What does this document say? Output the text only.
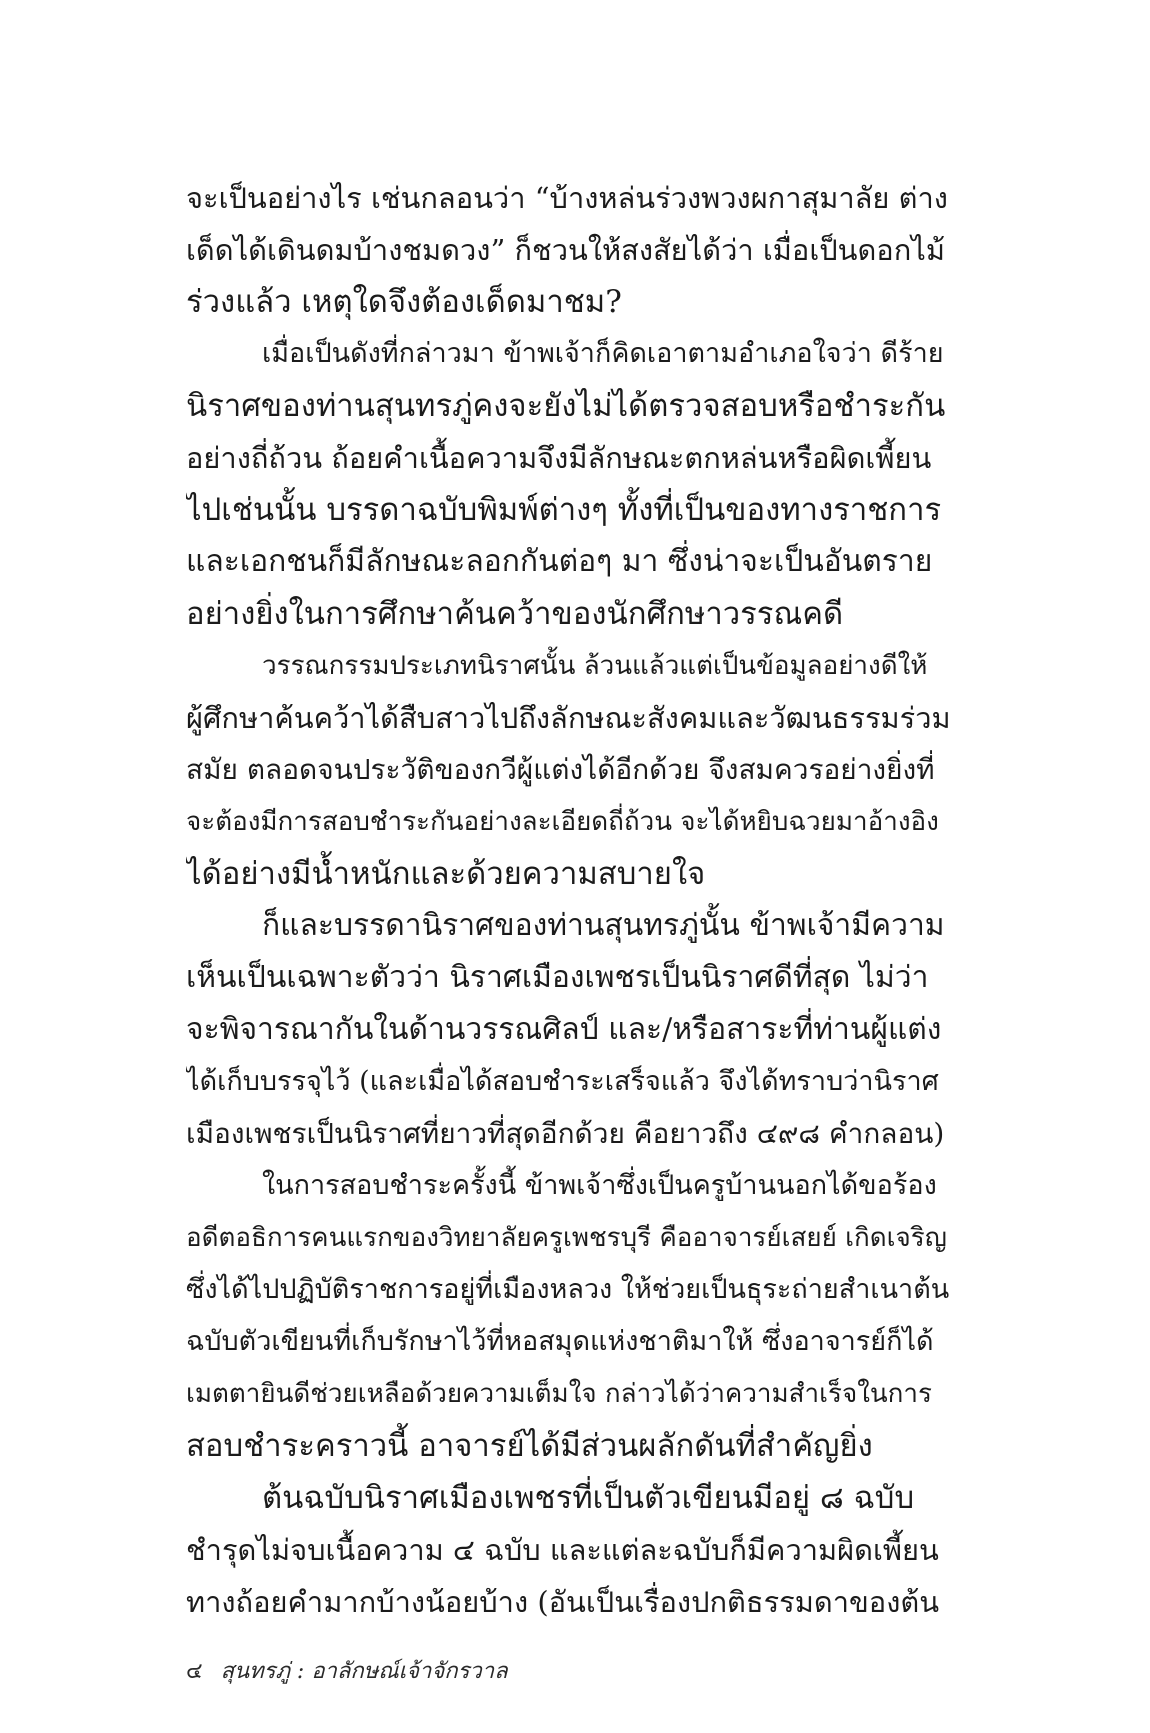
จะเป็นอย่างไร เช่นกลอนว่า “บ้างหล่นร่วงพวงผกาสุมาลัย ต่าง
เด็ดได้เดินดมบ้างชมดวง” ก็ชวนให้สงสัยได้ว่า เมื่อเป็นดอกไม้
ร่วงแล้ว เหตุใดจึงต้องเด็ดมาชม?
เมื่อเป็นดังที่กล่าวมา ข้าพเจ้าก็คิดเอาตามอำเภอใจว่า ดีร้าย
นิราศของท่านสุนทรภู่คงจะยังไม่ได้ตรวจสอบหรือชำระกัน
อย่างถี่ถ้วน ถ้อยคำเนื้อความจึงมีลักษณะตกหล่นหรือผิดเพี้ยน
ไปเช่นนั้น บรรดาฉบับพิมพ์ต่างๆ ทั้งที่เป็นของทางราชการ
และเอกชนก็มีลักษณะลอกกันต่อๆ มา ซึ่งน่าจะเป็นอันตราย
อย่างยิ่งในการศึกษาค้นคว้าของนักศึกษาวรรณคดี
วรรณกรรมประเภทนิราศนั้น ล้วนแล้วแต่เป็นข้อมูลอย่างดีให้
ผู้ศึกษาค้นคว้าได้สืบสาวไปถึงลักษณะสังคมและวัฒนธรรมร่วม
สมัย ตลอดจนประวัติของกวีผู้แต่งได้อีกด้วย จึงสมควรอย่างยิ่งที่
จะต้องมีการสอบชำระกันอย่างละเอียดถี่ถ้วน จะได้หยิบฉวยมาอ้างอิง
ได้อย่างมีน้ำหนักและด้วยความสบายใจ
ก็และบรรดานิราศของท่านสุนทรภู่นั้น ข้าพเจ้ามีความ
เห็นเป็นเฉพาะตัวว่า นิราศเมืองเพชรเป็นนิราศดีที่สุด ไม่ว่า
จะพิจารณากันในด้านวรรณศิลป์ และ/หรือสาระที่ท่านผู้แต่ง
ได้เก็บบรรจุไว้ (และเมื่อได้สอบชำระเสร็จแล้ว จึงได้ทราบว่านิราศ
เมืองเพชรเป็นนิราศที่ยาวที่สุดอีกด้วย คือยาวถึง ๔๙๘ คำกลอน)
ในการสอบชำระครั้งนี้ ข้าพเจ้าซึ่งเป็นครูบ้านนอกได้ขอร้อง
อดีตอธิการคนแรกของวิทยาลัยครูเพชรบุรี คืออาจารย์เสยย์ เกิดเจริญ
ซึ่งได้ไปปฏิบัติราชการอยู่ที่เมืองหลวง ให้ช่วยเป็นธุระถ่ายสำเนาต้น
ฉบับตัวเขียนที่เก็บรักษาไว้ที่หอสมุดแห่งชาติมาให้ ซึ่งอาจารย์ก็ได้
เมตตายินดีช่วยเหลือด้วยความเต็มใจ กล่าวได้ว่าความสำเร็จในการ
สอบชำระคราวนี้ อาจารย์ได้มีส่วนผลักดันที่สำคัญยิ่ง
ต้นฉบับนิราศเมืองเพชรที่เป็นตัวเขียนมีอยู่ ๘ ฉบับ
ชำรุดไม่จบเนื้อความ ๔ ฉบับ และแต่ละฉบับก็มีความผิดเพี้ยน
ทางถ้อยคำมากบ้างน้อยบ้าง (อันเป็นเรื่องปกติธรรมดาของต้น
๔ สุนทรภู่ : อาลักษณ์เจ้าจักรวาล
